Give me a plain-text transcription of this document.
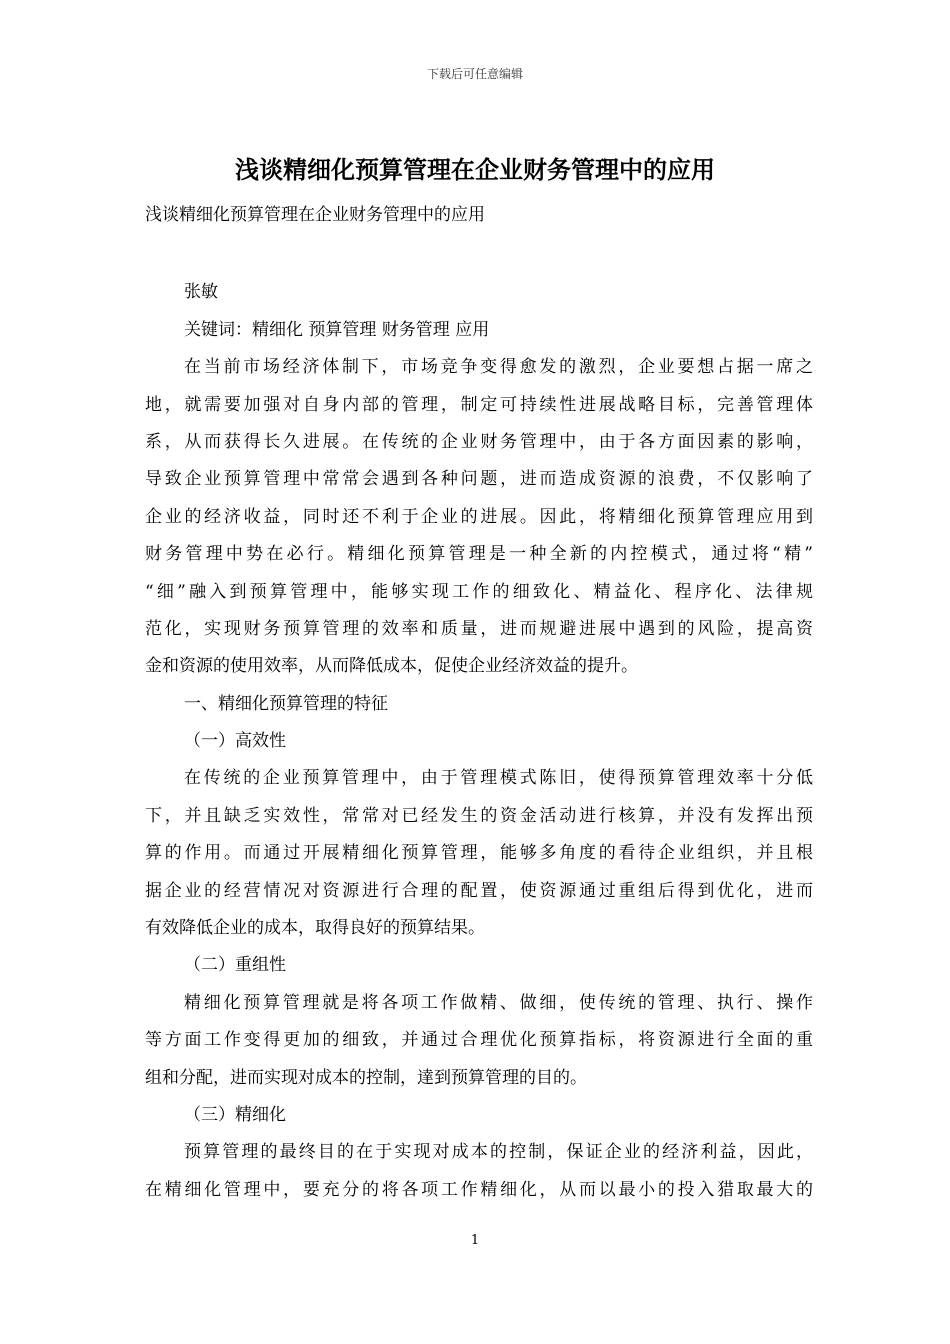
下载后可任意编辑
浅谈精细化预算管理在企业财务管理中的应用
浅谈精细化预算管理在企业财务管理中的应用
张敏
关键词：精细化 预算管理 财务管理 应用
在当前市场经济体制下，市场竞争变得愈发的激烈，企业要想占据一席之
地，就需要加强对自身内部的管理，制定可持续性进展战略目标，完善管理体
系，从而获得长久进展。在传统的企业财务管理中，由于各方面因素的影响，
导致企业预算管理中常常会遇到各种问题，进而造成资源的浪费，不仅影响了
企业的经济收益，同时还不利于企业的进展。因此，将精细化预算管理应用到
财务管理中势在必行。精细化预算管理是一种全新的内控模式，通过将“精”
“细”融入到预算管理中，能够实现工作的细致化、精益化、程序化、法律规
范化，实现财务预算管理的效率和质量，进而规避进展中遇到的风险，提高资
金和资源的使用效率，从而降低成本，促使企业经济效益的提升。
一、精细化预算管理的特征
（一）高效性
在传统的企业预算管理中，由于管理模式陈旧，使得预算管理效率十分低
下，并且缺乏实效性，常常对已经发生的资金活动进行核算，并没有发挥出预
算的作用。而通过开展精细化预算管理，能够多角度的看待企业组织，并且根
据企业的经营情况对资源进行合理的配置，使资源通过重组后得到优化，进而
有效降低企业的成本，取得良好的预算结果。
（二）重组性
精细化预算管理就是将各项工作做精、做细，使传统的管理、执行、操作
等方面工作变得更加的细致，并通过合理优化预算指标，将资源进行全面的重
组和分配，进而实现对成本的控制，達到预算管理的目的。
（三）精细化
预算管理的最终目的在于实现对成本的控制，保证企业的经济利益，因此，
在精细化管理中，要充分的将各项工作精细化，从而以最小的投入猎取最大的
1
